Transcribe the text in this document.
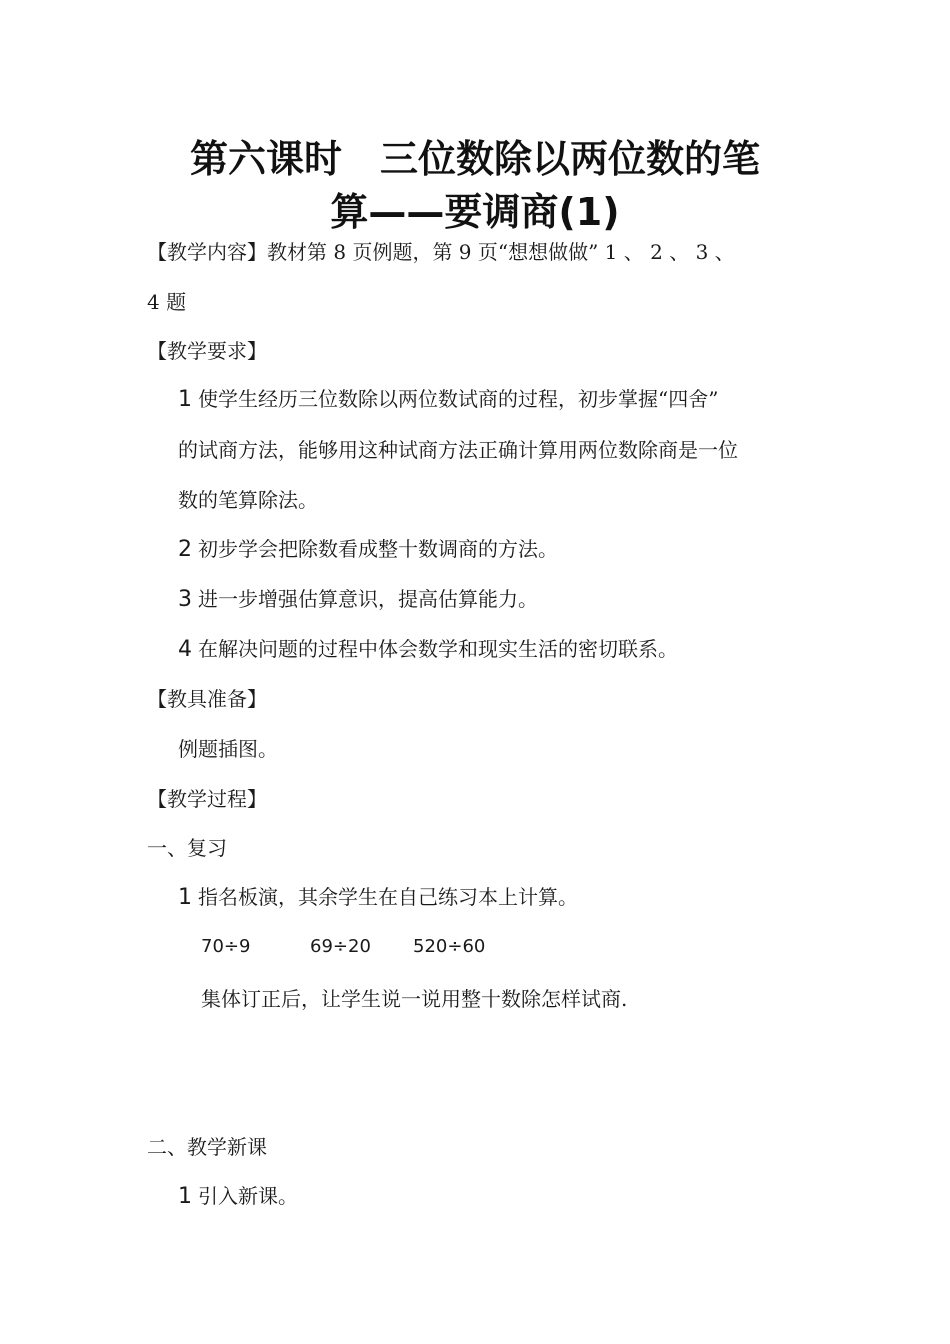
第六课时　三位数除以两位数的笔
算——要调商(1)
【教学内容】教材第 8 页例题，第 9 页“想想做做” 1 、 2 、 3 、
4 题
【教学要求】
1 使学生经历三位数除以两位数试商的过程，初步掌握“四舍”
的试商方法，能够用这种试商方法正确计算用两位数除商是一位
数的笔算除法。
2 初步学会把除数看成整十数调商的方法。
3 进一步增强估算意识，提高估算能力。
4 在解决问题的过程中体会数学和现实生活的密切联系。
【教具准备】
例题插图。
【教学过程】
一、复习
1 指名板演，其余学生在自己练习本上计算。
70÷9	69÷20 520÷60
集体订正后，让学生说一说用整十数除怎样试商.
二、教学新课
1 引入新课。
